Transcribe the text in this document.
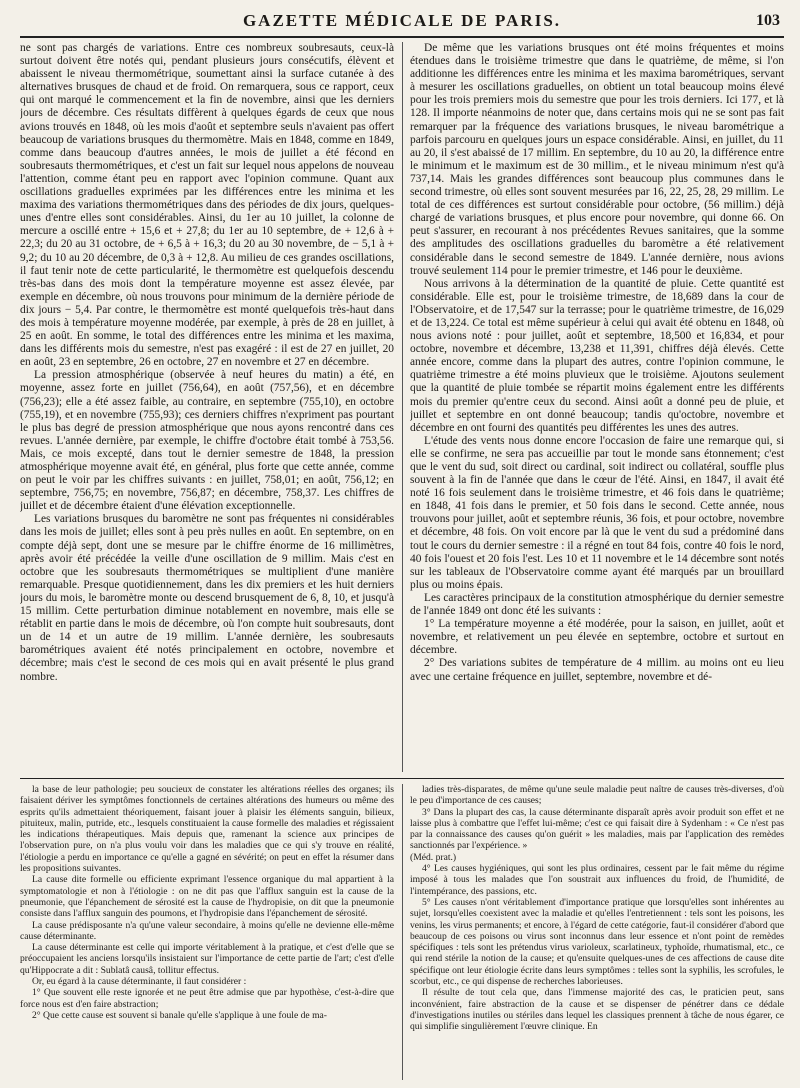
GAZETTE MÉDICALE DE PARIS.	103

ne sont pas chargés de variations. Entre ces nombreux soubresauts, ceux-là surtout doivent être notés qui, pendant plusieurs jours consécutifs, élèvent et abaissent le niveau thermométrique, soumettant ainsi la surface cutanée à des alternatives brusques de chaud et de froid. On remarquera, sous ce rapport, ceux qui ont marqué le commencement et la fin de novembre, ainsi que les derniers jours de décembre. Ces résultats diffèrent à quelques égards de ceux que nous avions trouvés en 1848, où les mois d'août et septembre seuls n'avaient pas offert beaucoup de variations brusques du thermomètre. Mais en 1848, comme en 1849, comme dans beaucoup d'autres années, le mois de juillet a été fécond en soubresauts thermométriques, et c'est un fait sur lequel nous appelons de nouveau l'attention, comme étant peu en rapport avec l'opinion commune. Quant aux oscillations graduelles exprimées par les différences entre les minima et les maxima des variations thermométriques dans des périodes de dix jours, quelques-unes d'entre elles sont considérables. Ainsi, du 1er au 10 juillet, la colonne de mercure a oscillé entre + 15,6 et + 27,8; du 1er au 10 septembre, de + 12,6 à + 22,3; du 20 au 31 octobre, de + 6,5 à + 16,3; du 20 au 30 novembre, de − 5,1 à + 9,2; du 10 au 20 décembre, de 0,3 à + 12,8. Au milieu de ces grandes oscillations, il faut tenir note de cette particularité, le thermomètre est quelquefois descendu très-bas dans des mois dont la température moyenne est assez élevée, par exemple en décembre, où nous trouvons pour minimum de la dernière période de dix jours − 5,4. Par contre, le thermomètre est monté quelquefois très-haut dans des mois à température moyenne modérée, par exemple, à près de 28 en juillet, à 25 en août. En somme, le total des différences entre les minima et les maxima, dans les différents mois du semestre, n'est pas exagéré : il est de 27 en juillet, 20 en août, 23 en septembre, 26 en octobre, 27 en novembre et 27 en décembre.

La pression atmosphérique (observée à neuf heures du matin) a été, en moyenne, assez forte en juillet (756,64), en août (757,56), et en décembre (756,23); elle a été assez faible, au contraire, en septembre (755,10), en octobre (755,19), et en novembre (755,93); ces derniers chiffres n'expriment pas pourtant le plus bas degré de pression atmosphérique que nous ayons rencontré dans ces revues. L'année dernière, par exemple, le chiffre d'octobre était tombé à 753,56. Mais, ce mois excepté, dans tout le dernier semestre de 1848, la pression atmosphérique moyenne avait été, en général, plus forte que cette année, comme on peut le voir par les chiffres suivants : en juillet, 758,01; en août, 756,12; en septembre, 756,75; en novembre, 756,87; en décembre, 758,37. Les chiffres de juillet et de décembre étaient d'une élévation exceptionnelle.

Les variations brusques du baromètre ne sont pas fréquentes ni considérables dans les mois de juillet; elles sont à peu près nulles en août. En septembre, on en compte déjà sept, dont une se mesure par le chiffre énorme de 16 millimètres, après avoir été précédée la veille d'une oscillation de 9 millim. Mais c'est en octobre que les soubresauts thermométriques se multiplient d'une manière remarquable. Presque quotidiennement, dans les dix premiers et les huit derniers jours du mois, le baromètre monte ou descend brusquement de 6, 8, 10, et jusqu'à 15 millim. Cette perturbation diminue notablement en novembre, mais elle se rétablit en partie dans le mois de décembre, où l'on compte huit soubresauts, dont un de 14 et un autre de 19 millim. L'année dernière, les soubresauts barométriques avaient été notés principalement en octobre, novembre et décembre; mais c'est le second de ces mois qui en avait présenté le plus grand nombre.

De même que les variations brusques ont été moins fréquentes et moins étendues dans le troisième trimestre que dans le quatrième, de même, si l'on additionne les différences entre les minima et les maxima barométriques, servant à mesurer les oscillations graduelles, on obtient un total beaucoup moins élevé pour les trois premiers mois du semestre que pour les trois derniers. Ici 177, et là 128. Il importe néanmoins de noter que, dans certains mois qui ne se sont pas fait remarquer par la fréquence des variations brusques, le niveau barométrique a parfois parcouru en quelques jours un espace considérable. Ainsi, en juillet, du 11 au 20, il s'est abaissé de 17 millim. En septembre, du 10 au 20, la différence entre le minimum et le maximum est de 30 millim., et le niveau minimum n'est qu'à 737,14. Mais les grandes différences sont beaucoup plus communes dans le second trimestre, où elles sont souvent mesurées par 16, 22, 25, 28, 29 millim. Le total de ces différences est surtout considérable pour octobre, (56 millim.) déjà chargé de variations brusques, et plus encore pour novembre, qui donne 66. On peut s'assurer, en recourant à nos précédentes Revues sanitaires, que la somme des amplitudes des oscillations graduelles du baromètre a été relativement considérable dans le second semestre de 1849. L'année dernière, nous avions trouvé seulement 114 pour le premier trimestre, et 146 pour le deuxième.

Nous arrivons à la détermination de la quantité de pluie. Cette quantité est considérable. Elle est, pour le troisième trimestre, de 18,689 dans la cour de l'Observatoire, et de 17,547 sur la terrasse; pour le quatrième trimestre, de 16,029 et de 13,224. Ce total est même supérieur à celui qui avait été obtenu en 1848, où nous avions noté : pour juillet, août et septembre, 18,500 et 16,834, et pour octobre, novembre et décembre, 13,238 et 11,391, chiffres déjà élevés. Cette année encore, comme dans la plupart des autres, contre l'opinion commune, le quatrième trimestre a été moins pluvieux que le troisième. Ajoutons seulement que la quantité de pluie tombée se répartit moins également entre les différents mois du premier qu'entre ceux du second. Ainsi août a donné peu de pluie, et juillet et septembre en ont donné beaucoup; tandis qu'octobre, novembre et décembre en ont fourni des quantités peu différentes les unes des autres.

L'étude des vents nous donne encore l'occasion de faire une remarque qui, si elle se confirme, ne sera pas accueillie par tout le monde sans étonnement; c'est que le vent du sud, soit direct ou cardinal, soit indirect ou collatéral, souffle plus souvent à la fin de l'année que dans le cœur de l'été. Ainsi, en 1847, il avait été noté 16 fois seulement dans le troisième trimestre, et 46 fois dans le quatrième; en 1848, 41 fois dans le premier, et 50 fois dans le second. Cette année, nous trouvons pour juillet, août et septembre réunis, 36 fois, et pour octobre, novembre et décembre, 48 fois. On voit encore par là que le vent du sud a prédominé dans tout le cours du dernier semestre : il a régné en tout 84 fois, contre 40 fois le nord, 40 fois l'ouest et 20 fois l'est. Les 10 et 11 novembre et le 14 décembre sont notés sur les tableaux de l'Observatoire comme ayant été marqués par un brouillard plus ou moins épais.

Les caractères principaux de la constitution atmosphérique du dernier semestre de l'année 1849 ont donc été les suivants :

1° La température moyenne a été modérée, pour la saison, en juillet, août et novembre, et relativement un peu élevée en septembre, octobre et surtout en décembre.

2° Des variations subites de température de 4 millim. au moins ont eu lieu avec une certaine fréquence en juillet, septembre, novembre et dé-

la base de leur pathologie; peu soucieux de constater les altérations réelles des organes; ils faisaient dériver les symptômes fonctionnels de certaines altérations des humeurs ou même des esprits qu'ils admettaient théoriquement, faisant jouer à plaisir les éléments sanguin, bilieux, pituiteux, malin, putride, etc., lesquels constituaient la cause formelle des maladies et régissaient les indications thérapeutiques. Mais depuis que, ramenant la science aux principes de l'observation pure, on n'a plus voulu voir dans les maladies que ce qui s'y trouve en réalité, l'étiologie a perdu en importance ce qu'elle a gagné en sévérité; on peut en effet la résumer dans les propositions suivantes.

La cause dite formelle ou efficiente exprimant l'essence organique du mal appartient à la symptomatologie et non à l'étiologie : on ne dit pas que l'afflux sanguin est la cause de la pneumonie, que l'épanchement de sérosité est la cause de l'hydropisie, on dit que la pneumonie consiste dans l'afflux sanguin des poumons, et l'hydropisie dans l'épanchement de sérosité.

La cause prédisposante n'a qu'une valeur secondaire, à moins qu'elle ne devienne elle-même cause déterminante.

La cause déterminante est celle qui importe véritablement à la pratique, et c'est d'elle que se préoccupaient les anciens lorsqu'ils insistaient sur l'importance de cette partie de l'art; c'est d'elle qu'Hippocrate a dit : Sublatâ causâ, tollitur effectus.

Or, eu égard à la cause déterminante, il faut considérer :

1° Que souvent elle reste ignorée et ne peut être admise que par hypothèse, c'est-à-dire que force nous est d'en faire abstraction;

2° Que cette cause est souvent si banale qu'elle s'applique à une foule de ma-

ladies très-disparates, de même qu'une seule maladie peut naître de causes très-diverses, d'où le peu d'importance de ces causes;

3° Dans la plupart des cas, la cause déterminante disparaît après avoir produit son effet et ne laisse plus à combattre que l'effet lui-même; c'est ce qui faisait dire à Sydenham : « Ce n'est pas par la connaissance des causes qu'on guérit » les maladies, mais par l'application des remèdes sanctionnés par l'expérience. »

(Méd. prat.)

4° Les causes hygiéniques, qui sont les plus ordinaires, cessent par le fait même du régime imposé à tous les malades que l'on soustrait aux influences du froid, de l'humidité, de l'intempérance, des passions, etc.

5° Les causes n'ont véritablement d'importance pratique que lorsqu'elles sont inhérentes au sujet, lorsqu'elles coexistent avec la maladie et qu'elles l'entretiennent : tels sont les poisons, les venins, les virus permanents; et encore, à l'égard de cette catégorie, faut-il considérer d'abord que beaucoup de ces poisons ou virus sont inconnus dans leur essence et n'ont point de remèdes spécifiques : tels sont les prétendus virus varioleux, scarlatineux, typhoïde, rhumatismal, etc., ce qui rend stérile la notion de la cause; et qu'ensuite quelques-unes de ces affections de cause dite spécifique ont leur étiologie écrite dans leurs symptômes : telles sont la syphilis, les scrofules, le scorbut, etc., ce qui dispense de recherches laborieuses.

Il résulte de tout cela que, dans l'immense majorité des cas, le praticien peut, sans inconvénient, faire abstraction de la cause et se dispenser de pénétrer dans ce dédale d'investigations inutiles ou stériles dans lequel les classiques prennent à tâche de nous égarer, ce qui simplifie singulièrement l'œuvre clinique. En
